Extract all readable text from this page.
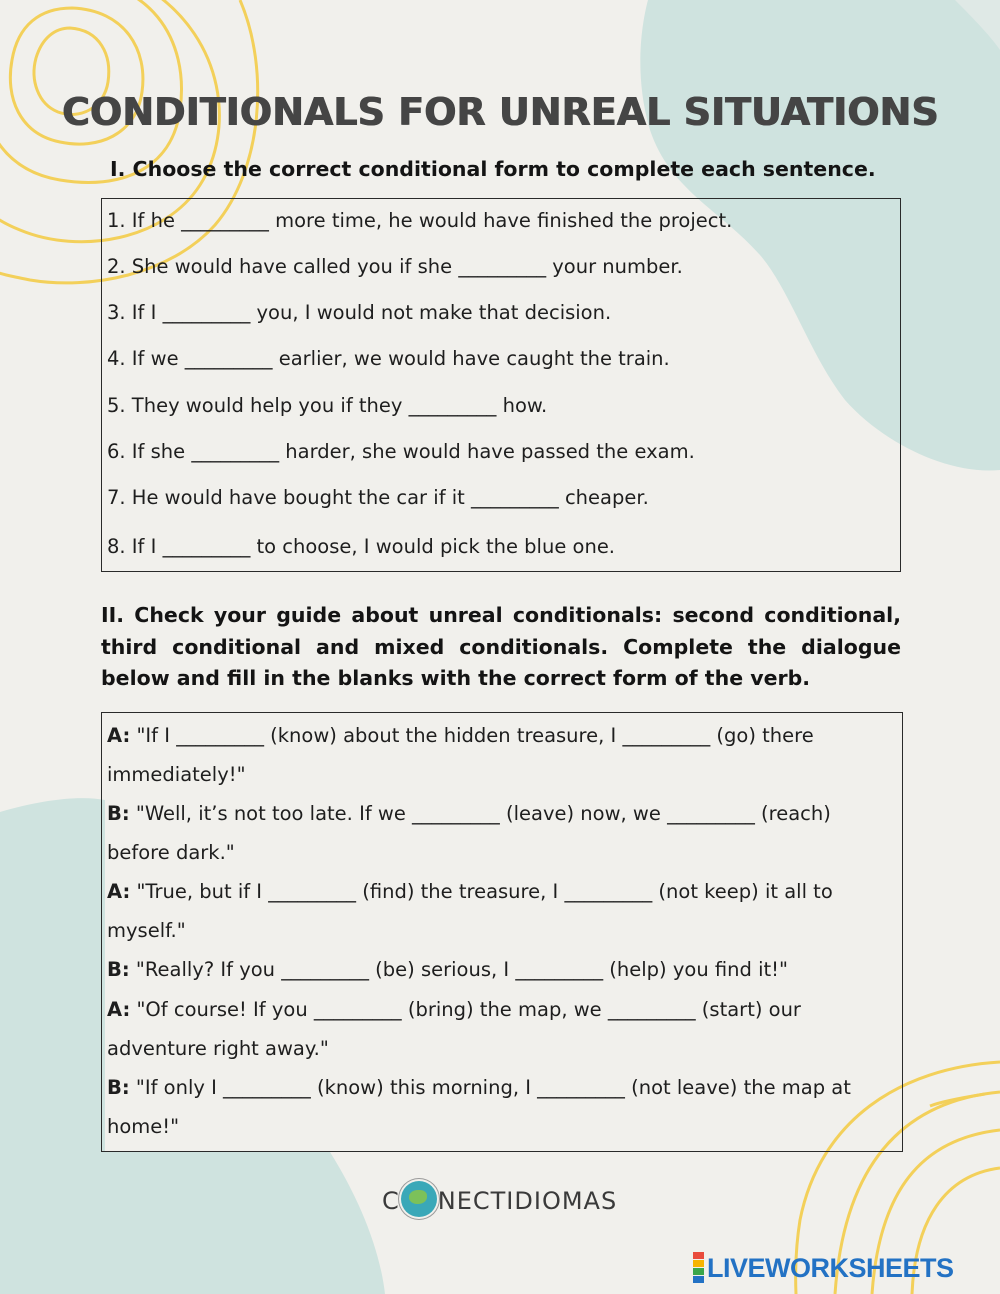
CONDITIONALS FOR UNREAL SITUATIONS
I. Choose the correct conditional form to complete each sentence.
1. If he _________ more time, he would have finished the project.
2. She would have called you if she _________ your number.
3. If I _________ you, I would not make that decision.
4. If we _________ earlier, we would have caught the train.
5. They would help you if they _________ how.
6. If she _________ harder, she would have passed the exam.
7. He would have bought the car if it _________ cheaper.
8. If I _________ to choose, I would pick the blue one.
II. Check your guide about unreal conditionals: second conditional, third conditional and mixed conditionals. Complete the dialogue below and fill in the blanks with the correct form of the verb.
A: "If I _________ (know) about the hidden treasure, I _________ (go) there
immediately!"
B: "Well, it’s not too late. If we _________ (leave) now, we _________ (reach)
before dark."
A: "True, but if I _________ (find) the treasure, I _________ (not keep) it all to
myself."
B: "Really? If you _________ (be) serious, I _________ (help) you find it!"
A: "Of course! If you _________ (bring) the map, we _________ (start) our
adventure right away."
B: "If only I _________ (know) this morning, I _________ (not leave) the map at
home!"
C NECTIDIOMAS
LIVEWORKSHEETS
